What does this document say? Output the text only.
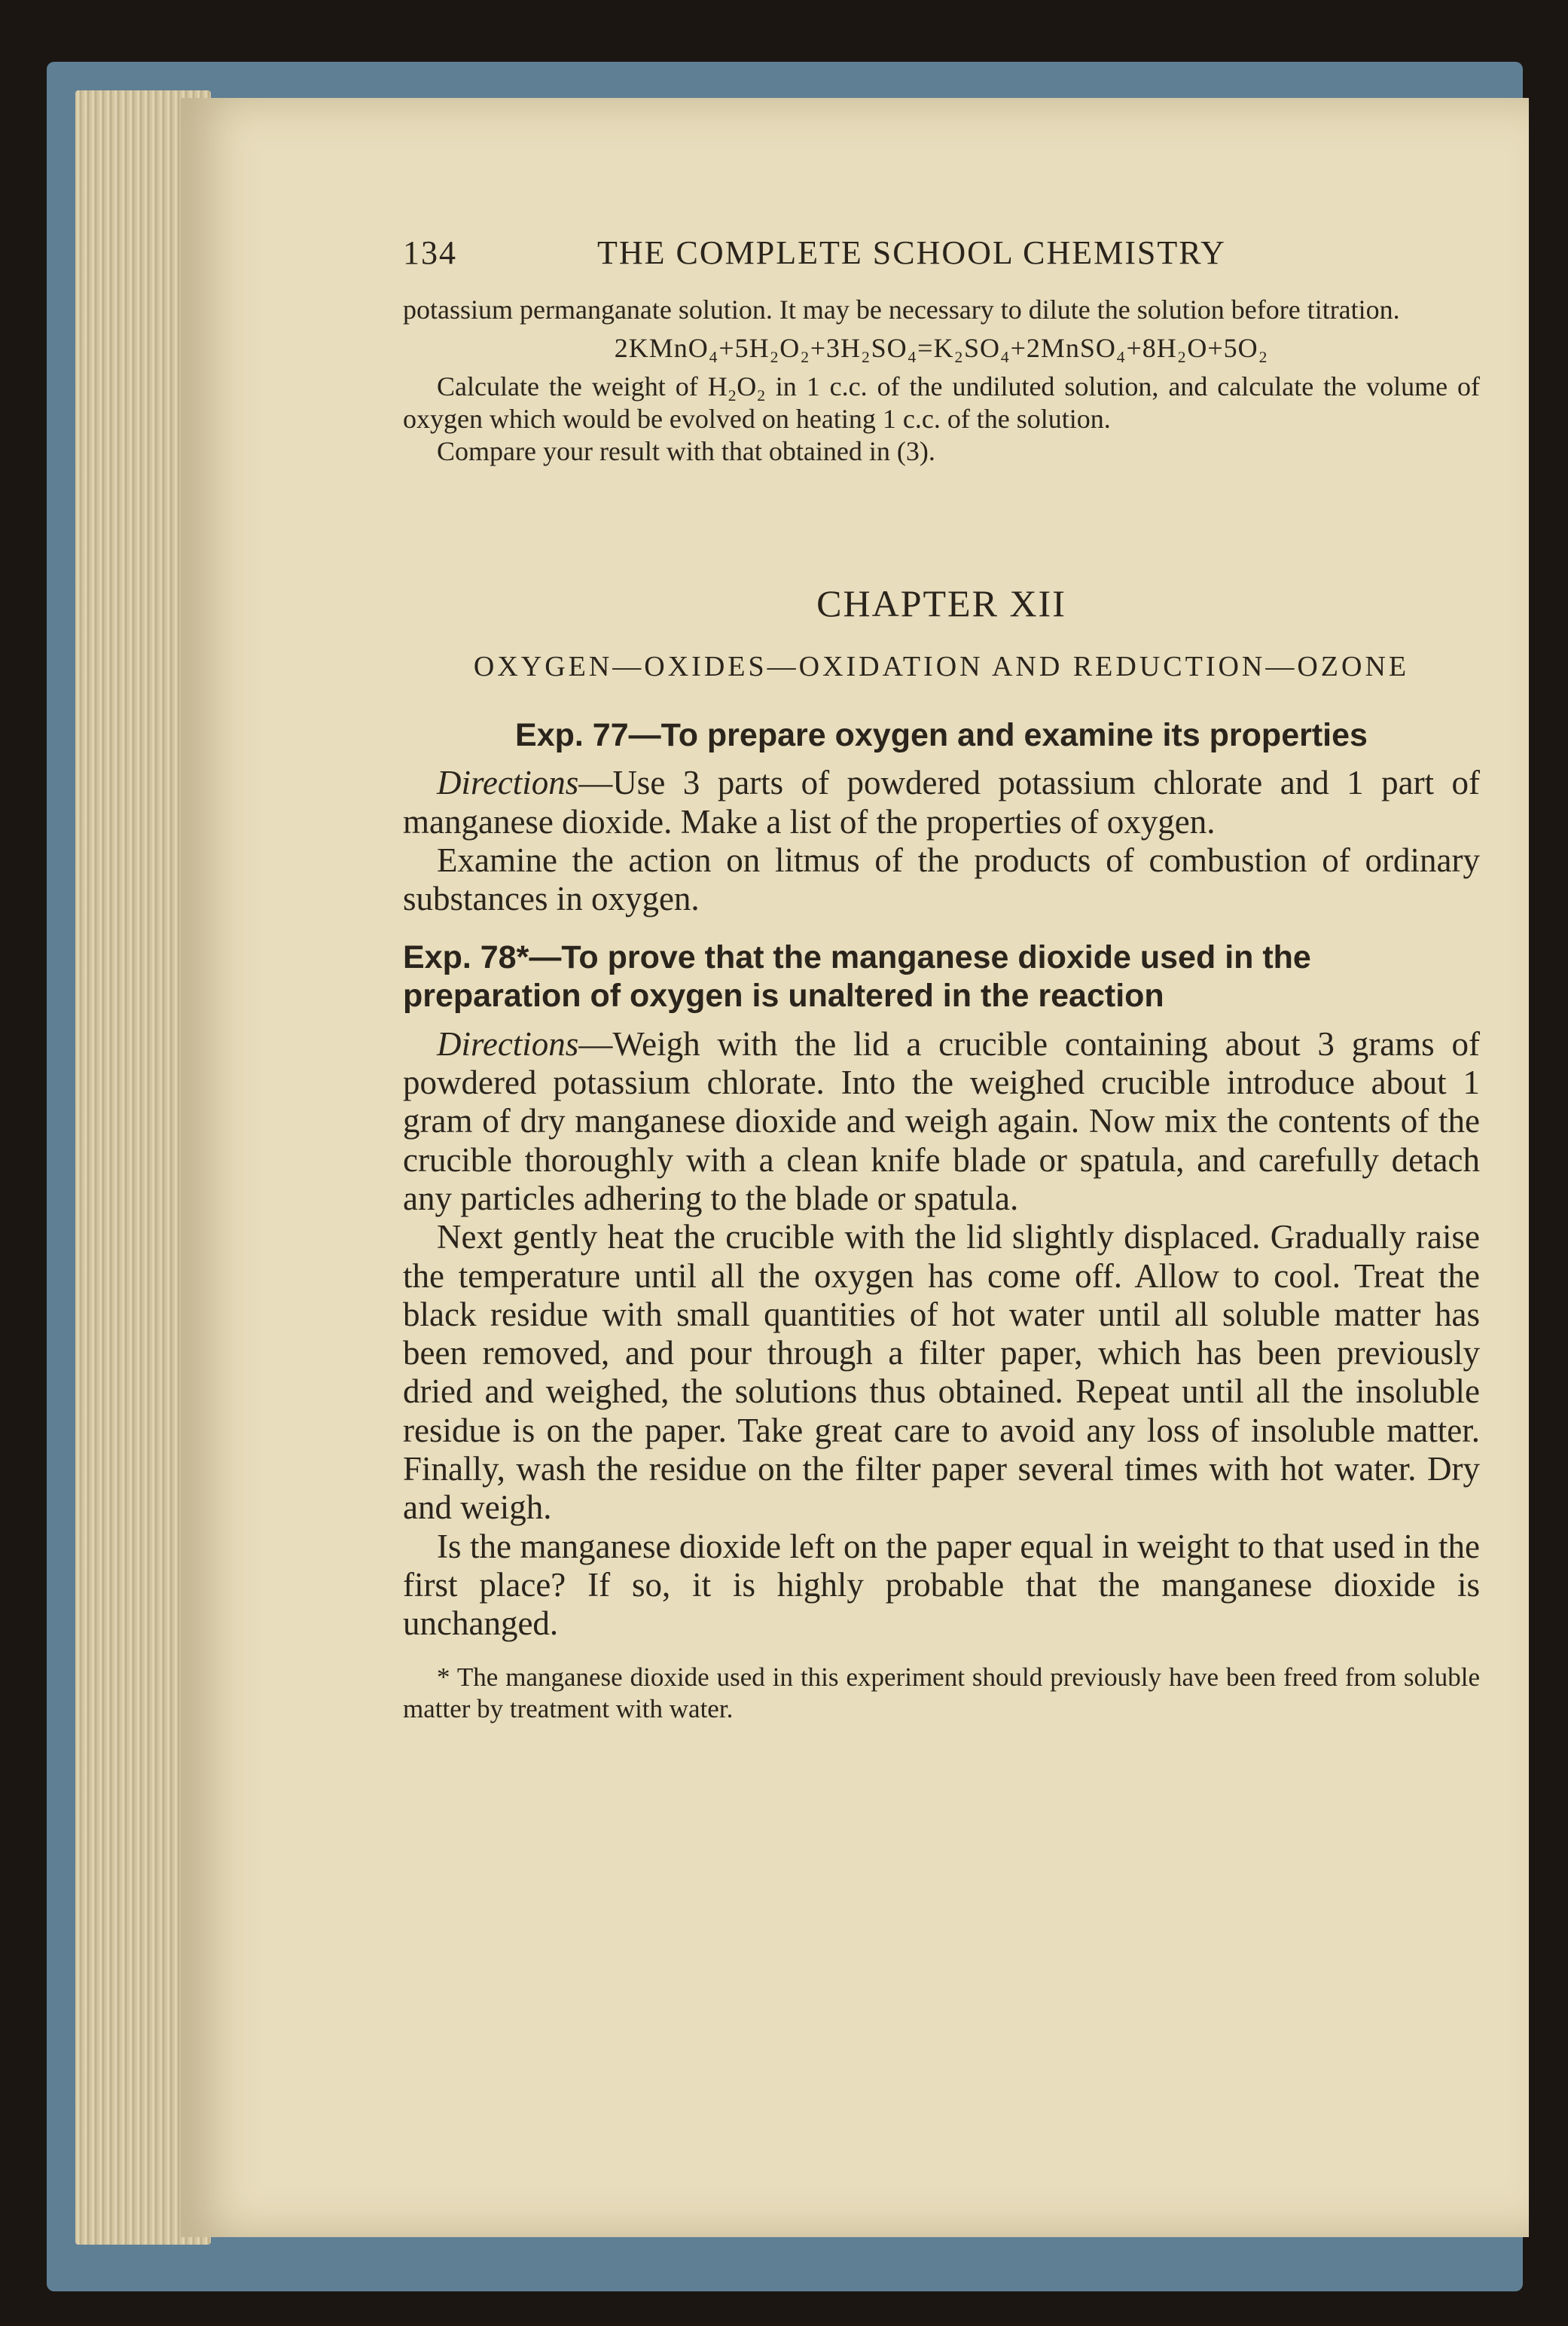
134	THE COMPLETE SCHOOL CHEMISTRY

potassium permanganate solution. It may be necessary to dilute the solution before titration.

2KMnO₄+5H₂O₂+3H₂SO₄=K₂SO₄+2MnSO₄+8H₂O+5O₂

Calculate the weight of H₂O₂ in 1 c.c. of the undiluted solution, and calculate the volume of oxygen which would be evolved on heating 1 c.c. of the solution.

Compare your result with that obtained in (3).

CHAPTER XII
OXYGEN—OXIDES—OXIDATION AND REDUCTION—OZONE
Exp. 77—To prepare oxygen and examine its properties

Directions—Use 3 parts of powdered potassium chlorate and 1 part of manganese dioxide. Make a list of the properties of oxygen.

Examine the action on litmus of the products of combustion of ordinary substances in oxygen.

Exp. 78*—To prove that the manganese dioxide used in the preparation of oxygen is unaltered in the reaction

Directions—Weigh with the lid a crucible containing about 3 grams of powdered potassium chlorate. Into the weighed crucible introduce about 1 gram of dry manganese dioxide and weigh again. Now mix the contents of the crucible thoroughly with a clean knife blade or spatula, and carefully detach any particles adhering to the blade or spatula.

Next gently heat the crucible with the lid slightly displaced. Gradually raise the temperature until all the oxygen has come off. Allow to cool. Treat the black residue with small quantities of hot water until all soluble matter has been removed, and pour through a filter paper, which has been previously dried and weighed, the solutions thus obtained. Repeat until all the insoluble residue is on the paper. Take great care to avoid any loss of insoluble matter. Finally, wash the residue on the filter paper several times with hot water. Dry and weigh.

Is the manganese dioxide left on the paper equal in weight to that used in the first place? If so, it is highly probable that the manganese dioxide is unchanged.

* The manganese dioxide used in this experiment should previously have been freed from soluble matter by treatment with water.
